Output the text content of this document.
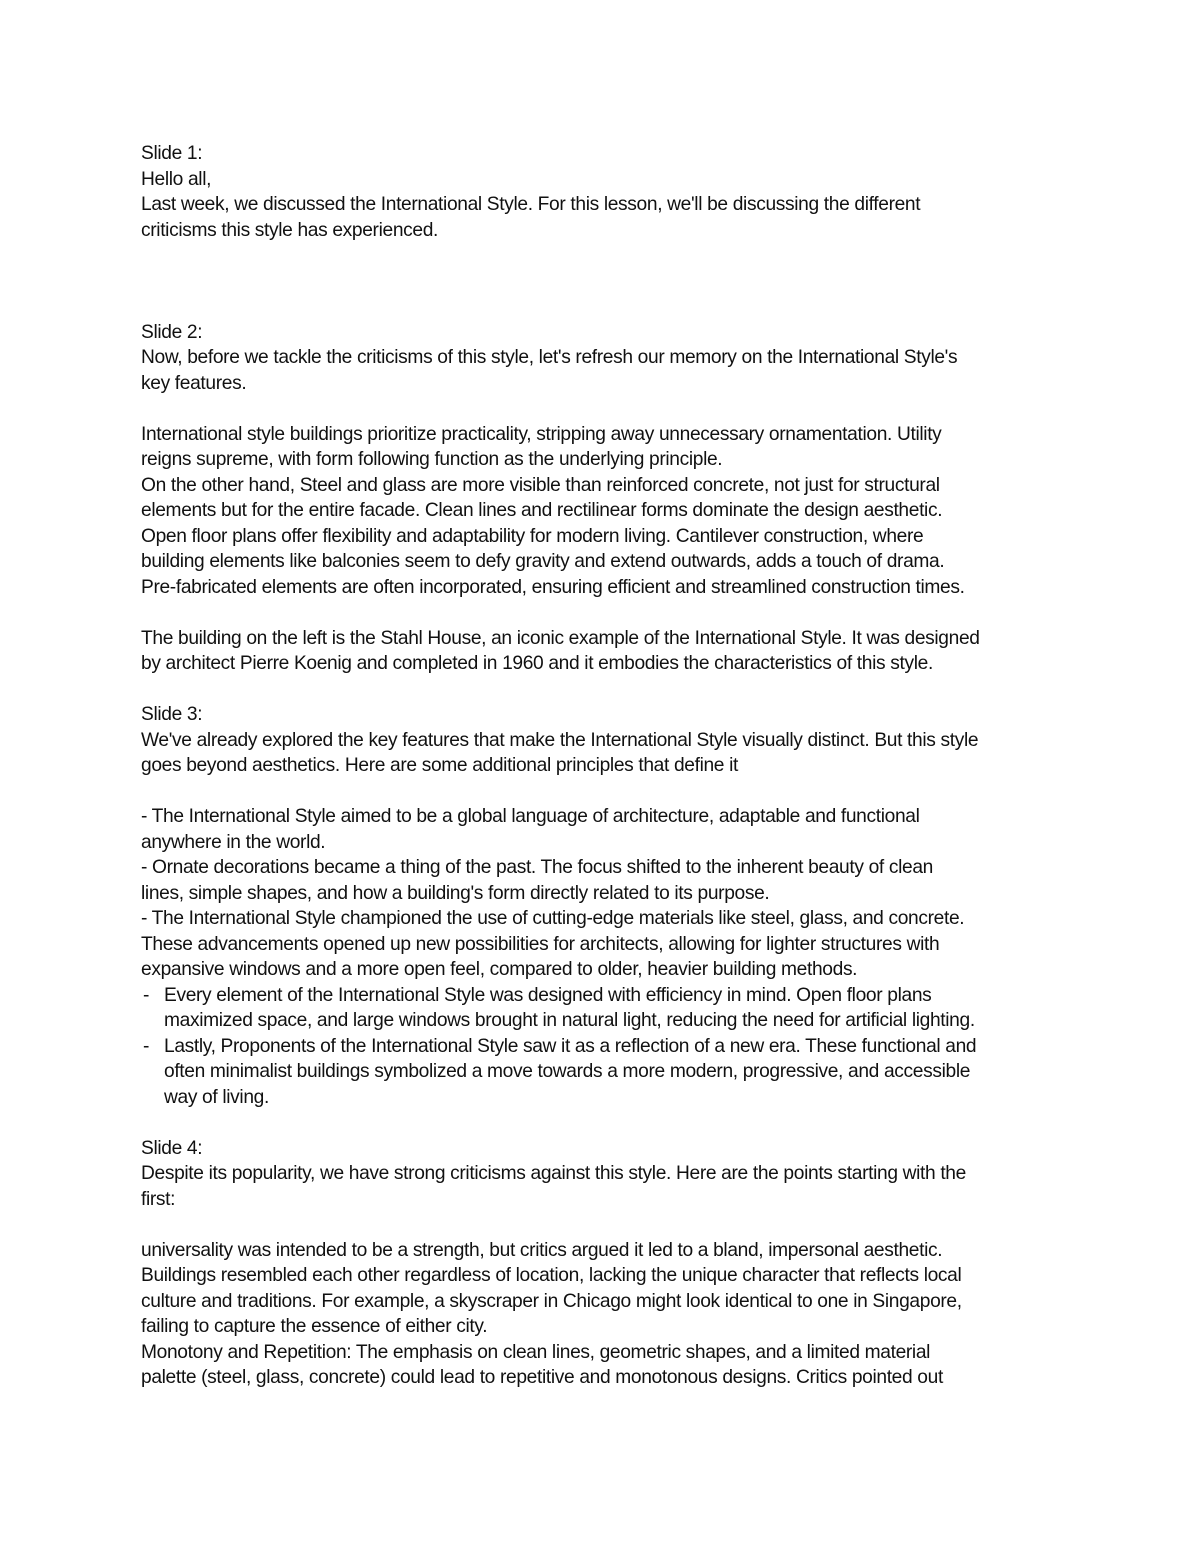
Slide 1:
Hello all,
Last week, we discussed the International Style. For this lesson, we'll be discussing the different
criticisms this style has experienced.
Slide 2:
Now, before we tackle the criticisms of this style, let's refresh our memory on the International Style's
key features.
International style buildings prioritize practicality, stripping away unnecessary ornamentation. Utility
reigns supreme, with form following function as the underlying principle.
On the other hand, Steel and glass are more visible than reinforced concrete, not just for structural
elements but for the entire facade. Clean lines and rectilinear forms dominate the design aesthetic.
Open floor plans offer flexibility and adaptability for modern living. Cantilever construction, where
building elements like balconies seem to defy gravity and extend outwards, adds a touch of drama.
Pre-fabricated elements are often incorporated, ensuring efficient and streamlined construction times.
The building on the left is the Stahl House, an iconic example of the International Style. It was designed
by architect Pierre Koenig and completed in 1960 and it embodies the characteristics of this style.
Slide 3:
We've already explored the key features that make the International Style visually distinct. But this style
goes beyond aesthetics. Here are some additional principles that define it
- The International Style aimed to be a global language of architecture, adaptable and functional
anywhere in the world.
- Ornate decorations became a thing of the past. The focus shifted to the inherent beauty of clean
lines, simple shapes, and how a building's form directly related to its purpose.
- The International Style championed the use of cutting-edge materials like steel, glass, and concrete.
These advancements opened up new possibilities for architects, allowing for lighter structures with
expansive windows and a more open feel, compared to older, heavier building methods.
- Every element of the International Style was designed with efficiency in mind. Open floor plans
maximized space, and large windows brought in natural light, reducing the need for artificial lighting.
- Lastly, Proponents of the International Style saw it as a reflection of a new era. These functional and
often minimalist buildings symbolized a move towards a more modern, progressive, and accessible
way of living.
Slide 4:
Despite its popularity, we have strong criticisms against this style. Here are the points starting with the
first:
universality was intended to be a strength, but critics argued it led to a bland, impersonal aesthetic.
Buildings resembled each other regardless of location, lacking the unique character that reflects local
culture and traditions. For example, a skyscraper in Chicago might look identical to one in Singapore,
failing to capture the essence of either city.
Monotony and Repetition: The emphasis on clean lines, geometric shapes, and a limited material
palette (steel, glass, concrete) could lead to repetitive and monotonous designs. Critics pointed out
